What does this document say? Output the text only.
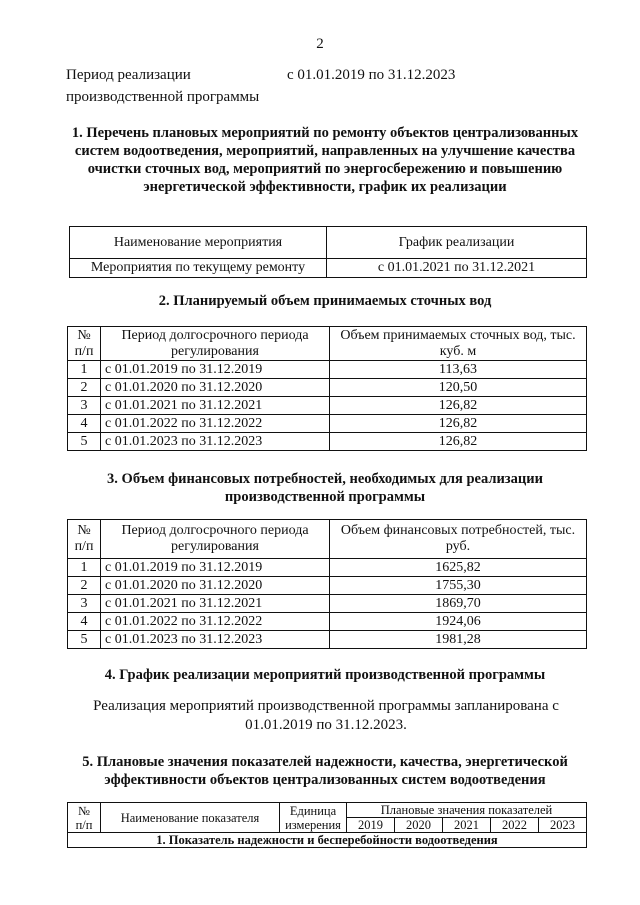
2
Период реализации производственной программы
с 01.01.2019 по 31.12.2023
1. Перечень плановых мероприятий по ремонту объектов централизованных систем водоотведения, мероприятий, направленных на улучшение качества очистки сточных вод, мероприятий по энергосбережению и повышению энергетической эффективности, график их реализации
Наименование мероприятия	График реализации
Мероприятия по текущему ремонту	с 01.01.2021 по 31.12.2021
2. Планируемый объем принимаемых сточных вод
№ п/п	Период долгосрочного периода регулирования	Объем принимаемых сточных вод, тыс. куб. м
1	с 01.01.2019 по 31.12.2019	113,63
2	с 01.01.2020 по 31.12.2020	120,50
3	с 01.01.2021 по 31.12.2021	126,82
4	с 01.01.2022 по 31.12.2022	126,82
5	с 01.01.2023 по 31.12.2023	126,82
3. Объем финансовых потребностей, необходимых для реализации производственной программы
№ п/п	Период долгосрочного периода регулирования	Объем финансовых потребностей, тыс. руб.
1	с 01.01.2019 по 31.12.2019	1625,82
2	с 01.01.2020 по 31.12.2020	1755,30
3	с 01.01.2021 по 31.12.2021	1869,70
4	с 01.01.2022 по 31.12.2022	1924,06
5	с 01.01.2023 по 31.12.2023	1981,28
4. График реализации мероприятий производственной программы
Реализация мероприятий производственной программы запланирована с 01.01.2019 по 31.12.2023.
5. Плановые значения показателей надежности, качества, энергетической эффективности объектов централизованных систем водоотведения
№ п/п	Наименование показателя	Единица измерения	Плановые значения показателей				
			2019	2020	2021	2022	2023
1. Показатель надежности и бесперебойности водоотведения							
